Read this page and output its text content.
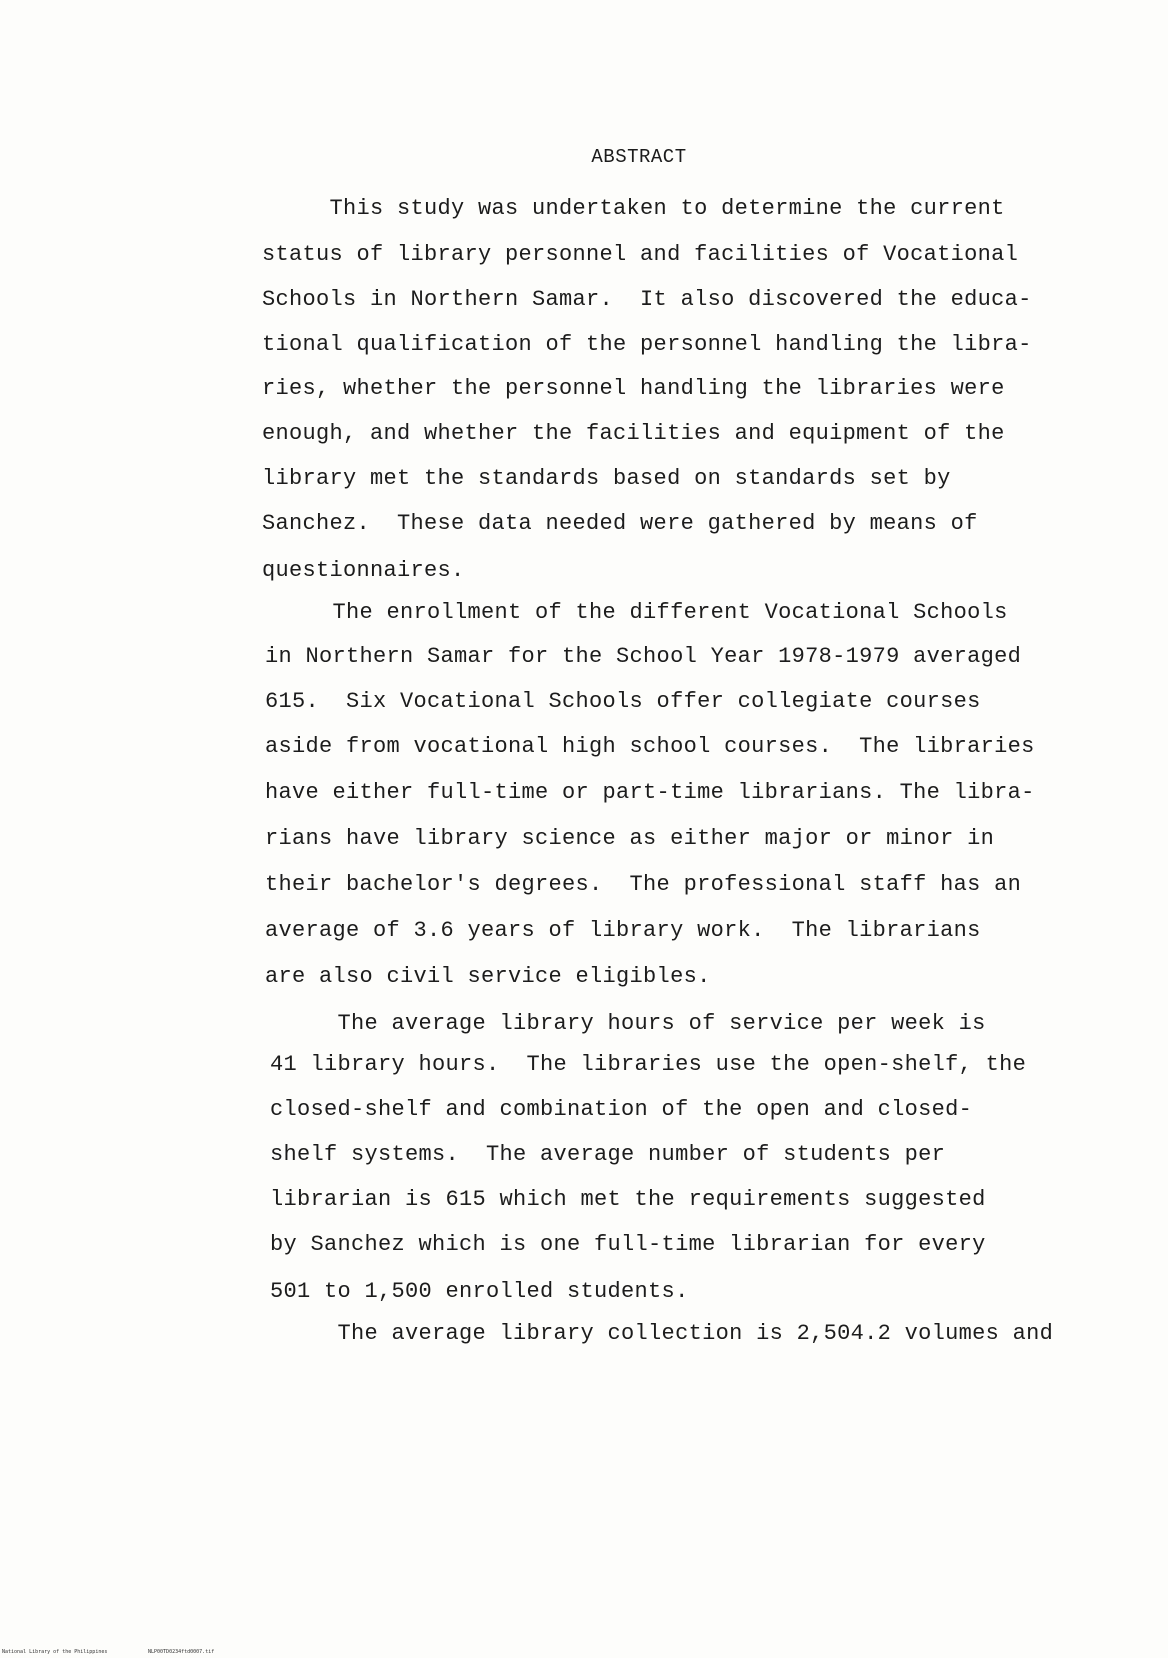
ABSTRACT
This study was undertaken to determine the current
status of library personnel and facilities of Vocational
Schools in Northern Samar.  It also discovered the educa-
tional qualification of the personnel handling the libra-
ries, whether the personnel handling the libraries were
enough, and whether the facilities and equipment of the
library met the standards based on standards set by
Sanchez.  These data needed were gathered by means of
questionnaires.
The enrollment of the different Vocational Schools
in Northern Samar for the School Year 1978-1979 averaged
615.  Six Vocational Schools offer collegiate courses
aside from vocational high school courses.  The libraries
have either full-time or part-time librarians. The libra-
rians have library science as either major or minor in
their bachelor's degrees.  The professional staff has an
average of 3.6 years of library work.  The librarians
are also civil service eligibles.
The average library hours of service per week is
41 library hours.  The libraries use the open-shelf, the
closed-shelf and combination of the open and closed-
shelf systems.  The average number of students per
librarian is 615 which met the requirements suggested
by Sanchez which is one full-time librarian for every
501 to 1,500 enrolled students.
The average library collection is 2,504.2 volumes and
National Library of the Philippines	NLP00TD0234ftd0007.tif
